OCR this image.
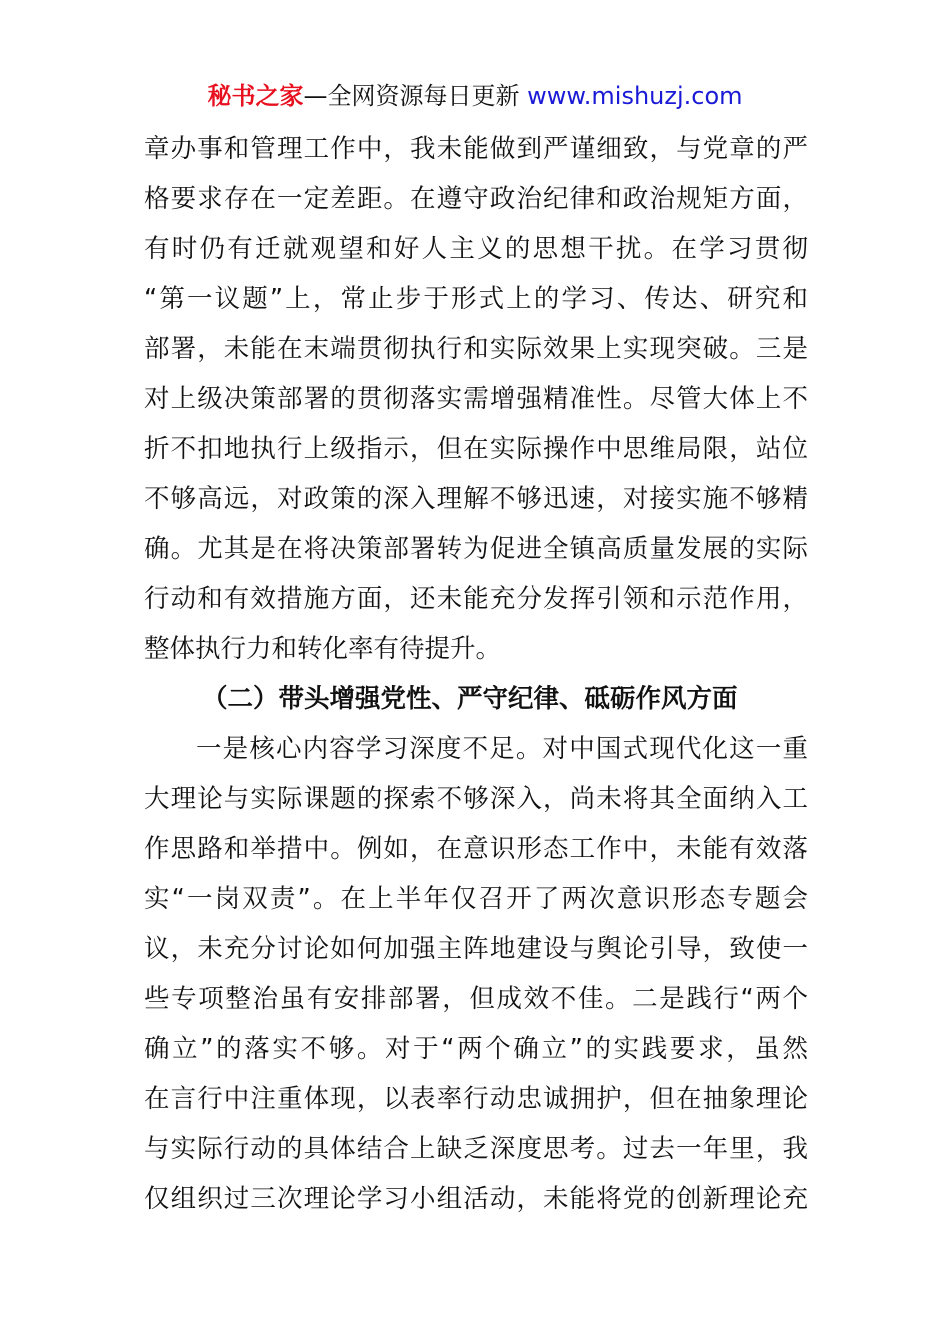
秘书之家—全网资源每日更新 www.mishuzj.com
章办事和管理工作中，我未能做到严谨细致，与党章的严
格要求存在一定差距。在遵守政治纪律和政治规矩方面，
有时仍有迁就观望和好人主义的思想干扰。在学习贯彻
“第一议题”上，常止步于形式上的学习、传达、研究和
部署，未能在末端贯彻执行和实际效果上实现突破。三是
对上级决策部署的贯彻落实需增强精准性。尽管大体上不
折不扣地执行上级指示，但在实际操作中思维局限，站位
不够高远，对政策的深入理解不够迅速，对接实施不够精
确。尤其是在将决策部署转为促进全镇高质量发展的实际
行动和有效措施方面，还未能充分发挥引领和示范作用，
整体执行力和转化率有待提升。
（二）带头增强党性、严守纪律、砥砺作风方面
一是核心内容学习深度不足。对中国式现代化这一重
大理论与实际课题的探索不够深入，尚未将其全面纳入工
作思路和举措中。例如，在意识形态工作中，未能有效落
实“一岗双责”。在上半年仅召开了两次意识形态专题会
议，未充分讨论如何加强主阵地建设与舆论引导，致使一
些专项整治虽有安排部署，但成效不佳。二是践行“两个
确立”的落实不够。对于“两个确立”的实践要求，虽然
在言行中注重体现，以表率行动忠诚拥护，但在抽象理论
与实际行动的具体结合上缺乏深度思考。过去一年里，我
仅组织过三次理论学习小组活动，未能将党的创新理论充
